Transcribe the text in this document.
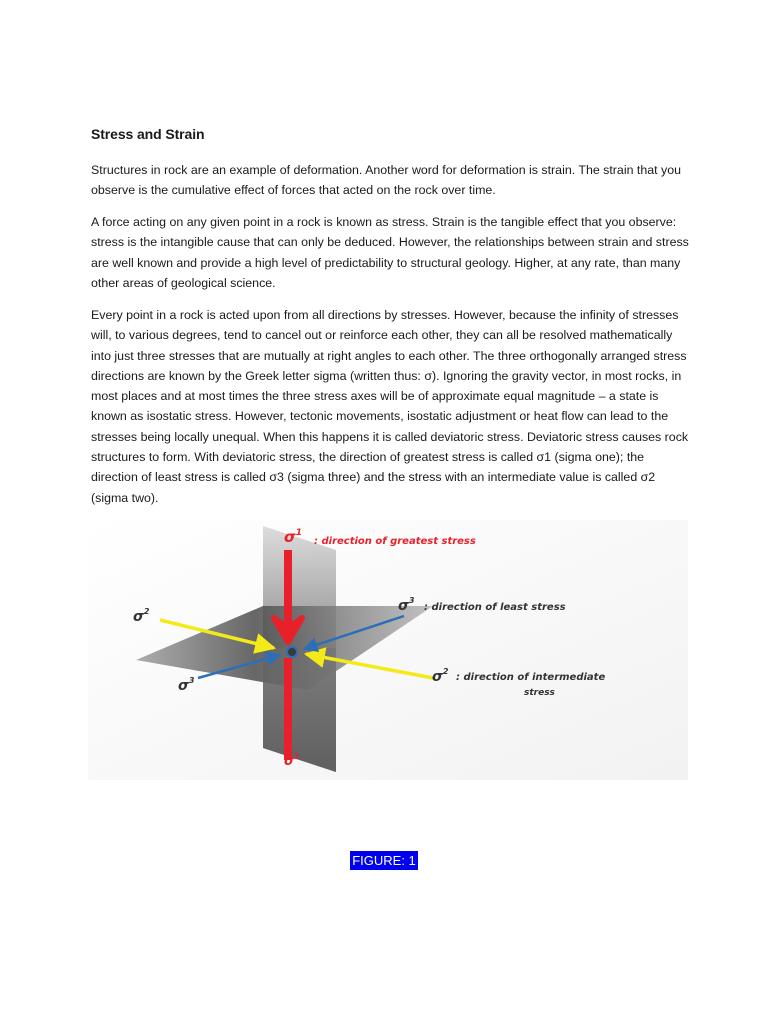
Stress and Strain

Structures in rock are an example of deformation. Another word for deformation is strain. The strain that you observe is the cumulative effect of forces that acted on the rock over time.

A force acting on any given point in a rock is known as stress. Strain is the tangible effect that you observe: stress is the intangible cause that can only be deduced. However, the relationships between strain and stress are well known and provide a high level of predictability to structural geology. Higher, at any rate, than many other areas of geological science.

Every point in a rock is acted upon from all directions by stresses. However, because the infinity of stresses will, to various degrees, tend to cancel out or reinforce each other, they can all be resolved mathematically into just three stresses that are mutually at right angles to each other. The three orthogonally arranged stress directions are known by the Greek letter sigma (written thus: σ). Ignoring the gravity vector, in most rocks, in most places and at most times the three stress axes will be of approximate equal magnitude – a state is known as isostatic stress. However, tectonic movements, isostatic adjustment or heat flow can lead to the stresses being locally unequal. When this happens it is called deviatoric stress. Deviatoric stress causes rock structures to form. With deviatoric stress, the direction of greatest stress is called σ1 (sigma one); the direction of least stress is called σ3 (sigma three) and the stress with an intermediate value is called σ2 (sigma two).

$\sigma^1$
: direction of greatest stress
$\sigma^2$	$\sigma^3$
: direction of least stress
$\sigma^3$	$\sigma^2$
: direction of intermediate
stress
$\sigma^1$
FIGURE: 1
